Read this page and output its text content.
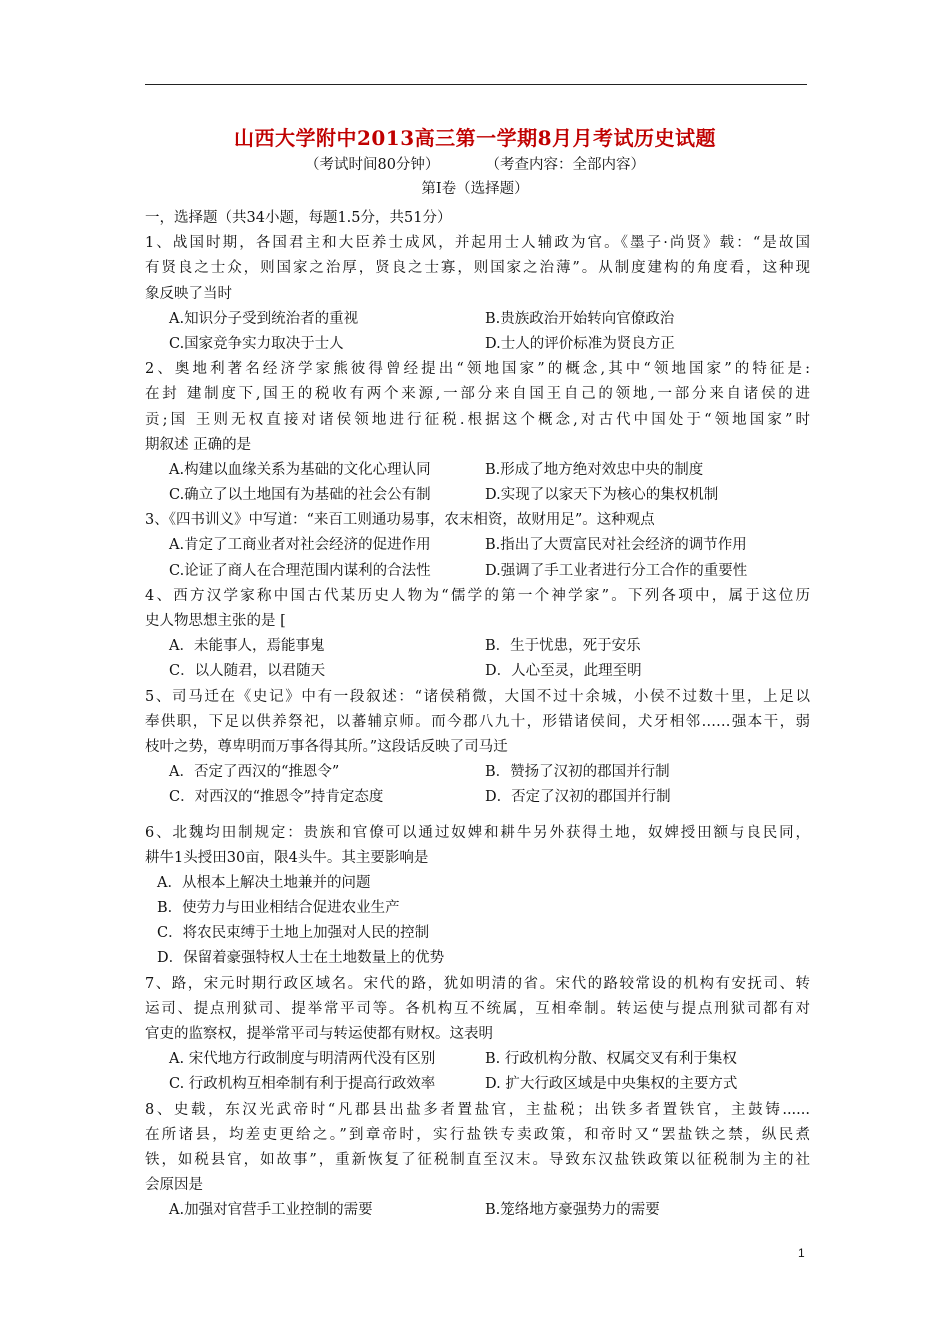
山西大学附中2013高三第一学期8月月考试历史试题
（考试时间80分钟）	（考查内容：全部内容）
第Ⅰ卷（选择题）
一，选择题（共34小题，每题1.5分，共51分）
1、战国时期，各国君主和大臣养士成风，并起用士人辅政为官。《墨子·尚贤》载：“是故国
有贤良之士众，则国家之治厚，贤良之士寡，则国家之治薄”。从制度建构的角度看，这种现
象反映了当时
A.知识分子受到统治者的重视	B.贵族政治开始转向官僚政治
C.国家竞争实力取决于士人	D.士人的评价标准为贤良方正
2、奥地利著名经济学家熊彼得曾经提出“领地国家”的概念,其中“领地国家”的特征是:
在封 建制度下,国王的税收有两个来源,一部分来自国王自己的领地,一部分来自诸侯的进
贡;国 王则无权直接对诸侯领地进行征税.根据这个概念,对古代中国处于“领地国家”时
期叙述 正确的是
A.构建以血缘关系为基础的文化心理认同	B.形成了地方绝对效忠中央的制度
C.确立了以土地国有为基础的社会公有制	D.实现了以家天下为核心的集权机制
3、《四书训义》中写道：“来百工则通功易事，农末相资，故财用足”。这种观点
A.肯定了工商业者对社会经济的促进作用	B.指出了大贾富民对社会经济的调节作用
C.论证了商人在合理范围内谋利的合法性	D.强调了手工业者进行分工合作的重要性
4、西方汉学家称中国古代某历史人物为“儒学的第一个神学家”。下列各项中，属于这位历
史人物思想主张的是 [
A．未能事人，焉能事鬼	B．生于忧患，死于安乐
C．以人随君，以君随天	D．人心至灵，此理至明
5、司马迁在《史记》中有一段叙述：“诸侯稍微，大国不过十余城，小侯不过数十里，上足以
奉供职，下足以供养祭祀，以蕃辅京师。而今郡八九十，形错诸侯间，犬牙相邻……强本干，弱
枝叶之势，尊卑明而万事各得其所。”这段话反映了司马迁
A．否定了西汉的“推恩令”	B．赞扬了汉初的郡国并行制
C．对西汉的“推恩令”持肯定态度	D．否定了汉初的郡国并行制
6、北魏均田制规定：贵族和官僚可以通过奴婢和耕牛另外获得土地，奴婢授田额与良民同，
耕牛1头授田30亩，限4头牛。其主要影响是
A．从根本上解决土地兼并的问题
B．使劳力与田业相结合促进农业生产
C．将农民束缚于土地上加强对人民的控制
D．保留着豪强特权人士在土地数量上的优势
7、路，宋元时期行政区域名。宋代的路，犹如明清的省。宋代的路较常设的机构有安抚司、转
运司、提点刑狱司、提举常平司等。各机构互不统属，互相牵制。转运使与提点刑狱司都有对
官吏的监察权，提举常平司与转运使都有财权。这表明
A. 宋代地方行政制度与明清两代没有区别	B. 行政机构分散、权属交叉有利于集权
C. 行政机构互相牵制有利于提高行政效率	D. 扩大行政区域是中央集权的主要方式
8、史载，东汉光武帝时“凡郡县出盐多者置盐官，主盐税；出铁多者置铁官，主鼓铸......
在所诸县，均差吏更给之。”到章帝时，实行盐铁专卖政策，和帝时又“罢盐铁之禁，纵民煮
铁，如税县官，如故事”，重新恢复了征税制直至汉末。导致东汉盐铁政策以征税制为主的社
会原因是
A.加强对官营手工业控制的需要	B.笼络地方豪强势力的需要
1
